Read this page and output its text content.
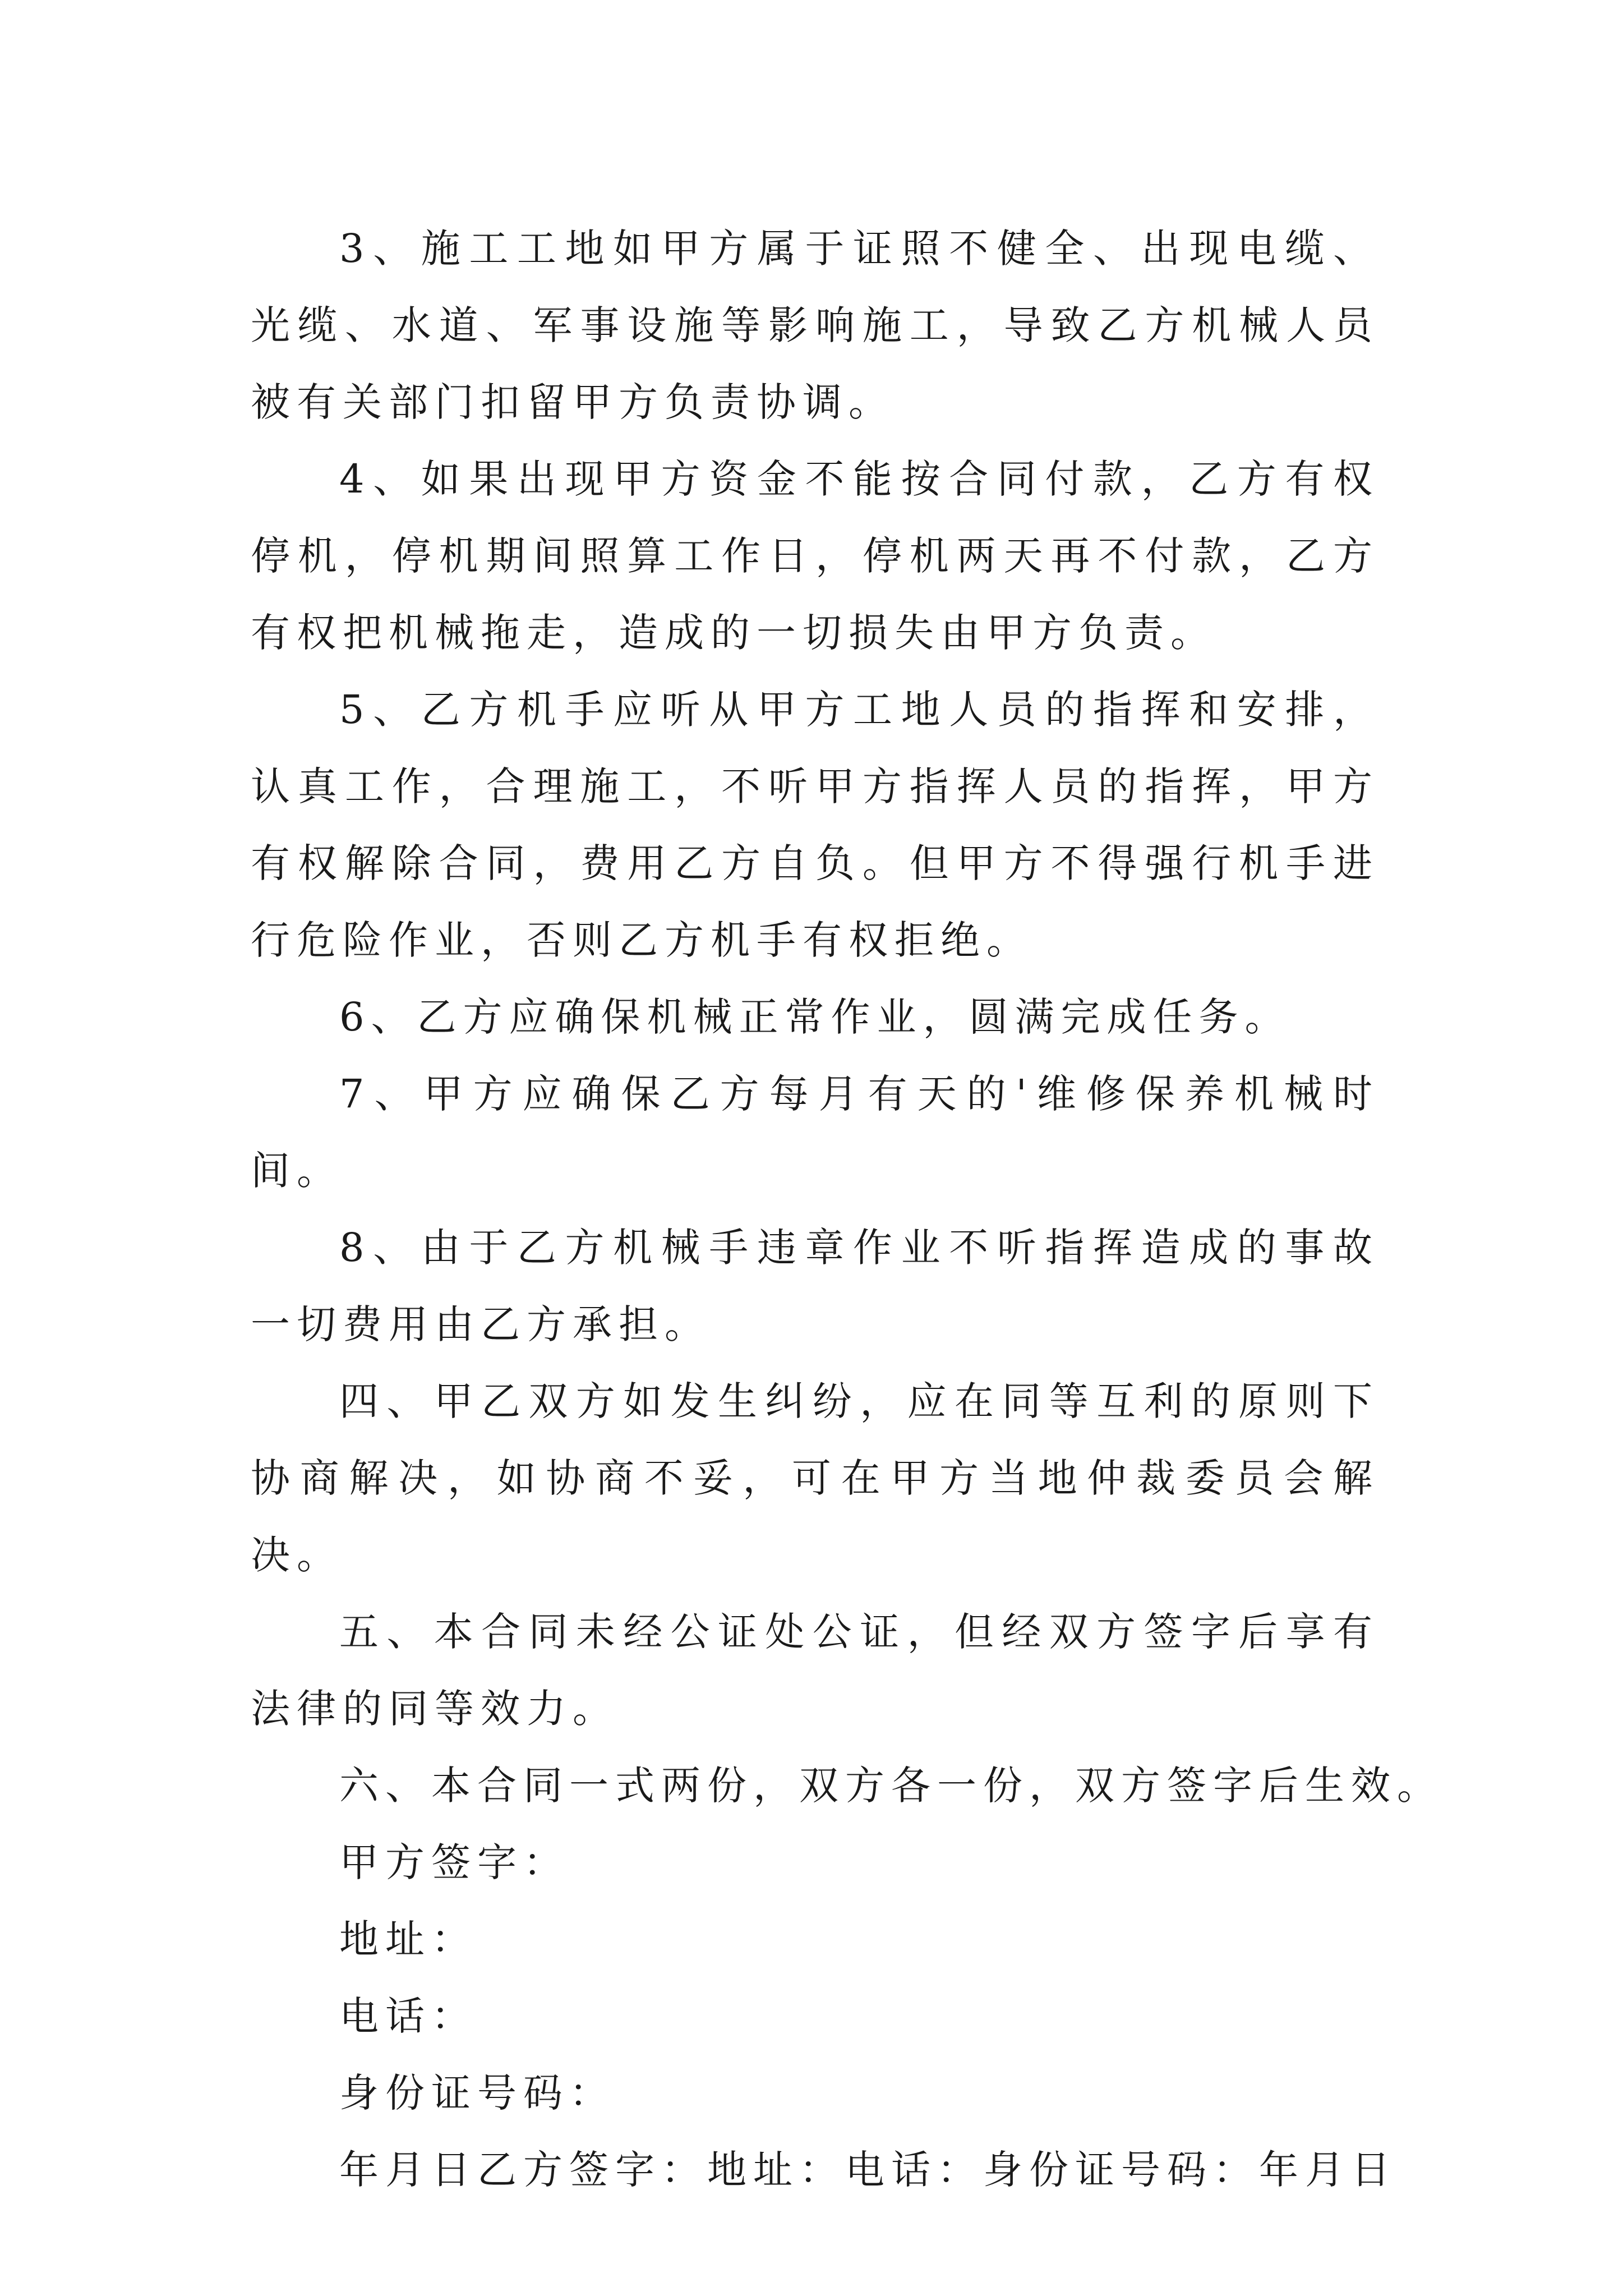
3、施工工地如甲方属于证照不健全、出现电缆、光缆、水道、军事设施等影响施工，导致乙方机械人员被有关部门扣留甲方负责协调。

4、如果出现甲方资金不能按合同付款，乙方有权停机，停机期间照算工作日，停机两天再不付款，乙方有权把机械拖走，造成的一切损失由甲方负责。

5、乙方机手应听从甲方工地人员的指挥和安排，认真工作，合理施工，不听甲方指挥人员的指挥，甲方有权解除合同，费用乙方自负。但甲方不得强行机手进行危险作业，否则乙方机手有权拒绝。

6、乙方应确保机械正常作业，圆满完成任务。

7、甲方应确保乙方每月有天的'维修保养机械时间。

8、由于乙方机械手违章作业不听指挥造成的事故一切费用由乙方承担。

四、甲乙双方如发生纠纷，应在同等互利的原则下协商解决，如协商不妥，可在甲方当地仲裁委员会解决。

五、本合同未经公证处公证，但经双方签字后享有法律的同等效力。

六、本合同一式两份，双方各一份，双方签字后生效。

甲方签字：

地址：

电话：

身份证号码：

年月日乙方签字：地址：电话：身份证号码：年月日
